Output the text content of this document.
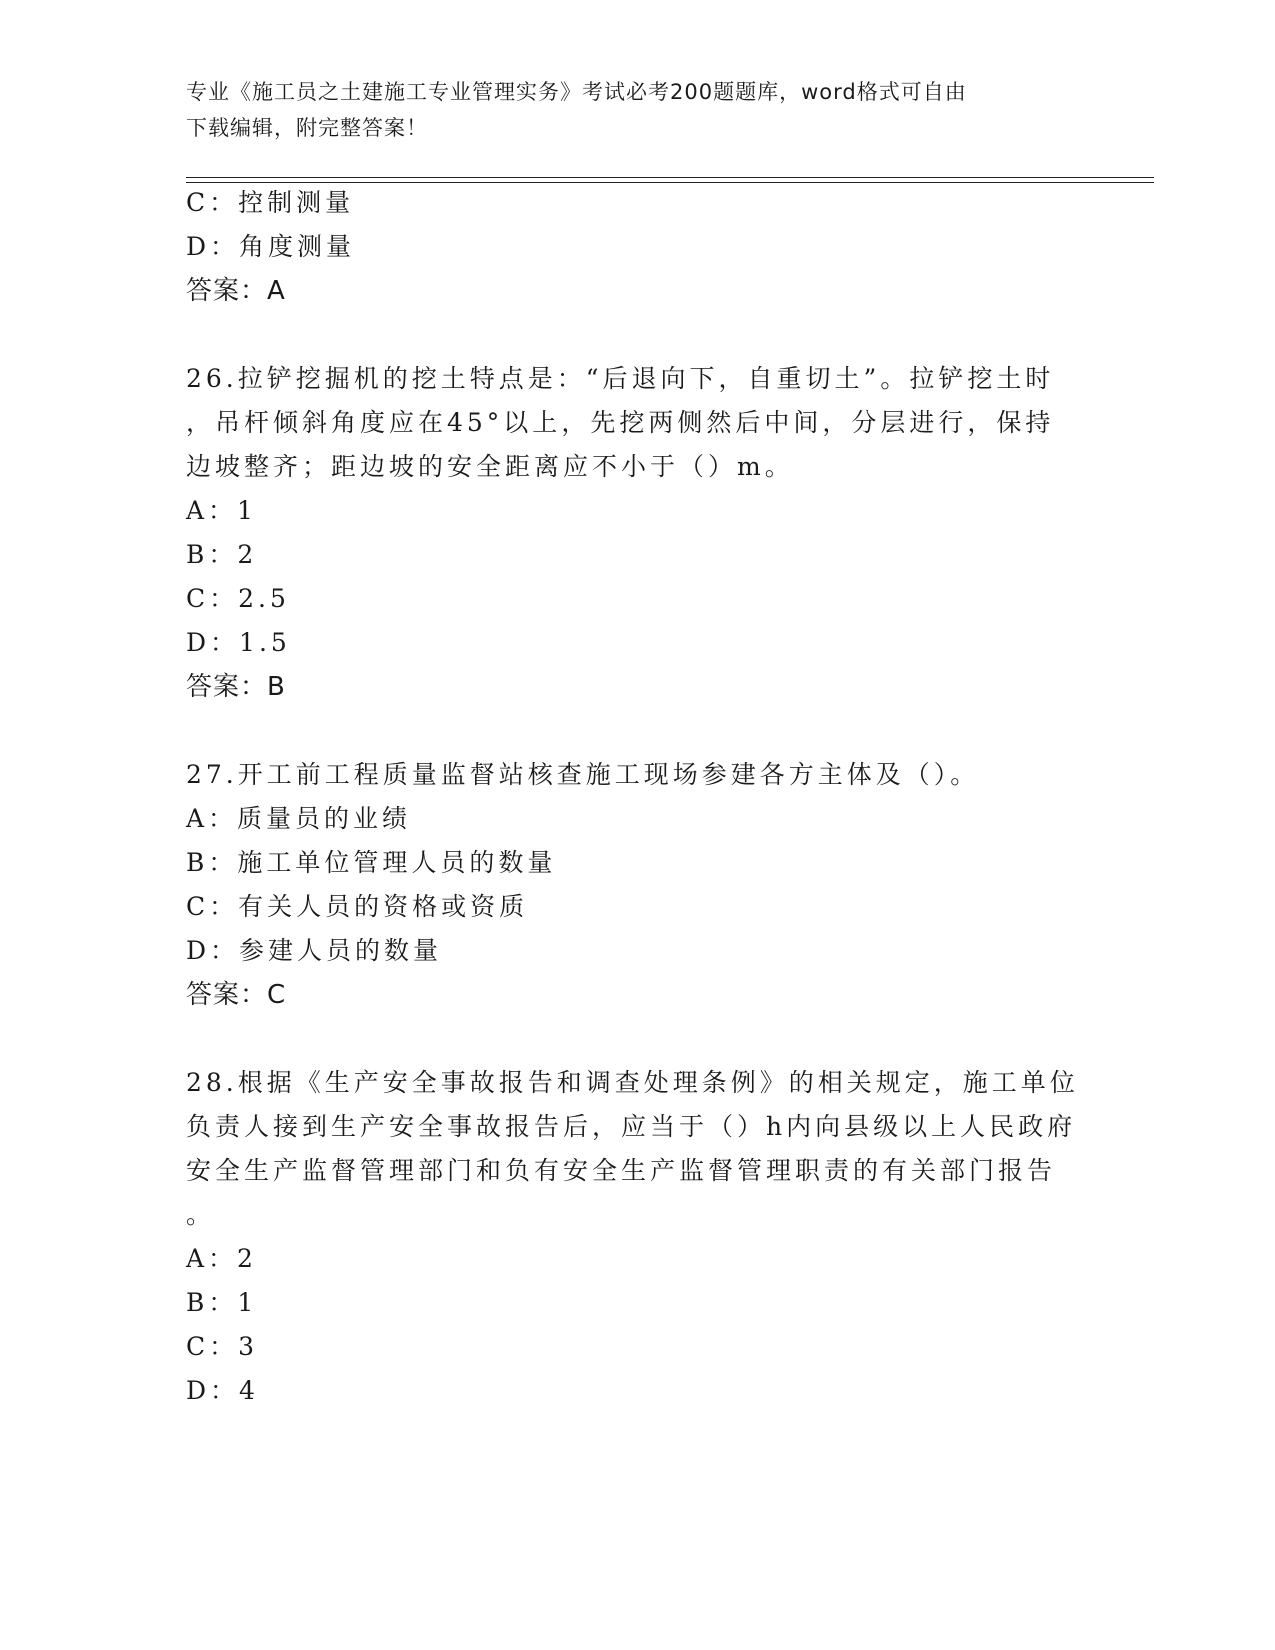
专业《施工员之土建施工专业管理实务》考试必考200题题库，word格式可自由
下载编辑，附完整答案！
C：控制测量
D：角度测量
答案：A
26.拉铲挖掘机的挖土特点是：“后退向下，自重切土”。拉铲挖土时
，吊杆倾斜角度应在45°以上，先挖两侧然后中间，分层进行，保持
边坡整齐；距边坡的安全距离应不小于（）m。
A：1
B：2
C：2.5
D：1.5
答案：B
27.开工前工程质量监督站核查施工现场参建各方主体及（）。
A：质量员的业绩
B：施工单位管理人员的数量
C：有关人员的资格或资质
D：参建人员的数量
答案：C
28.根据《生产安全事故报告和调查处理条例》的相关规定，施工单位
负责人接到生产安全事故报告后，应当于（）h内向县级以上人民政府
安全生产监督管理部门和负有安全生产监督管理职责的有关部门报告
。
A：2
B：1
C：3
D：4
